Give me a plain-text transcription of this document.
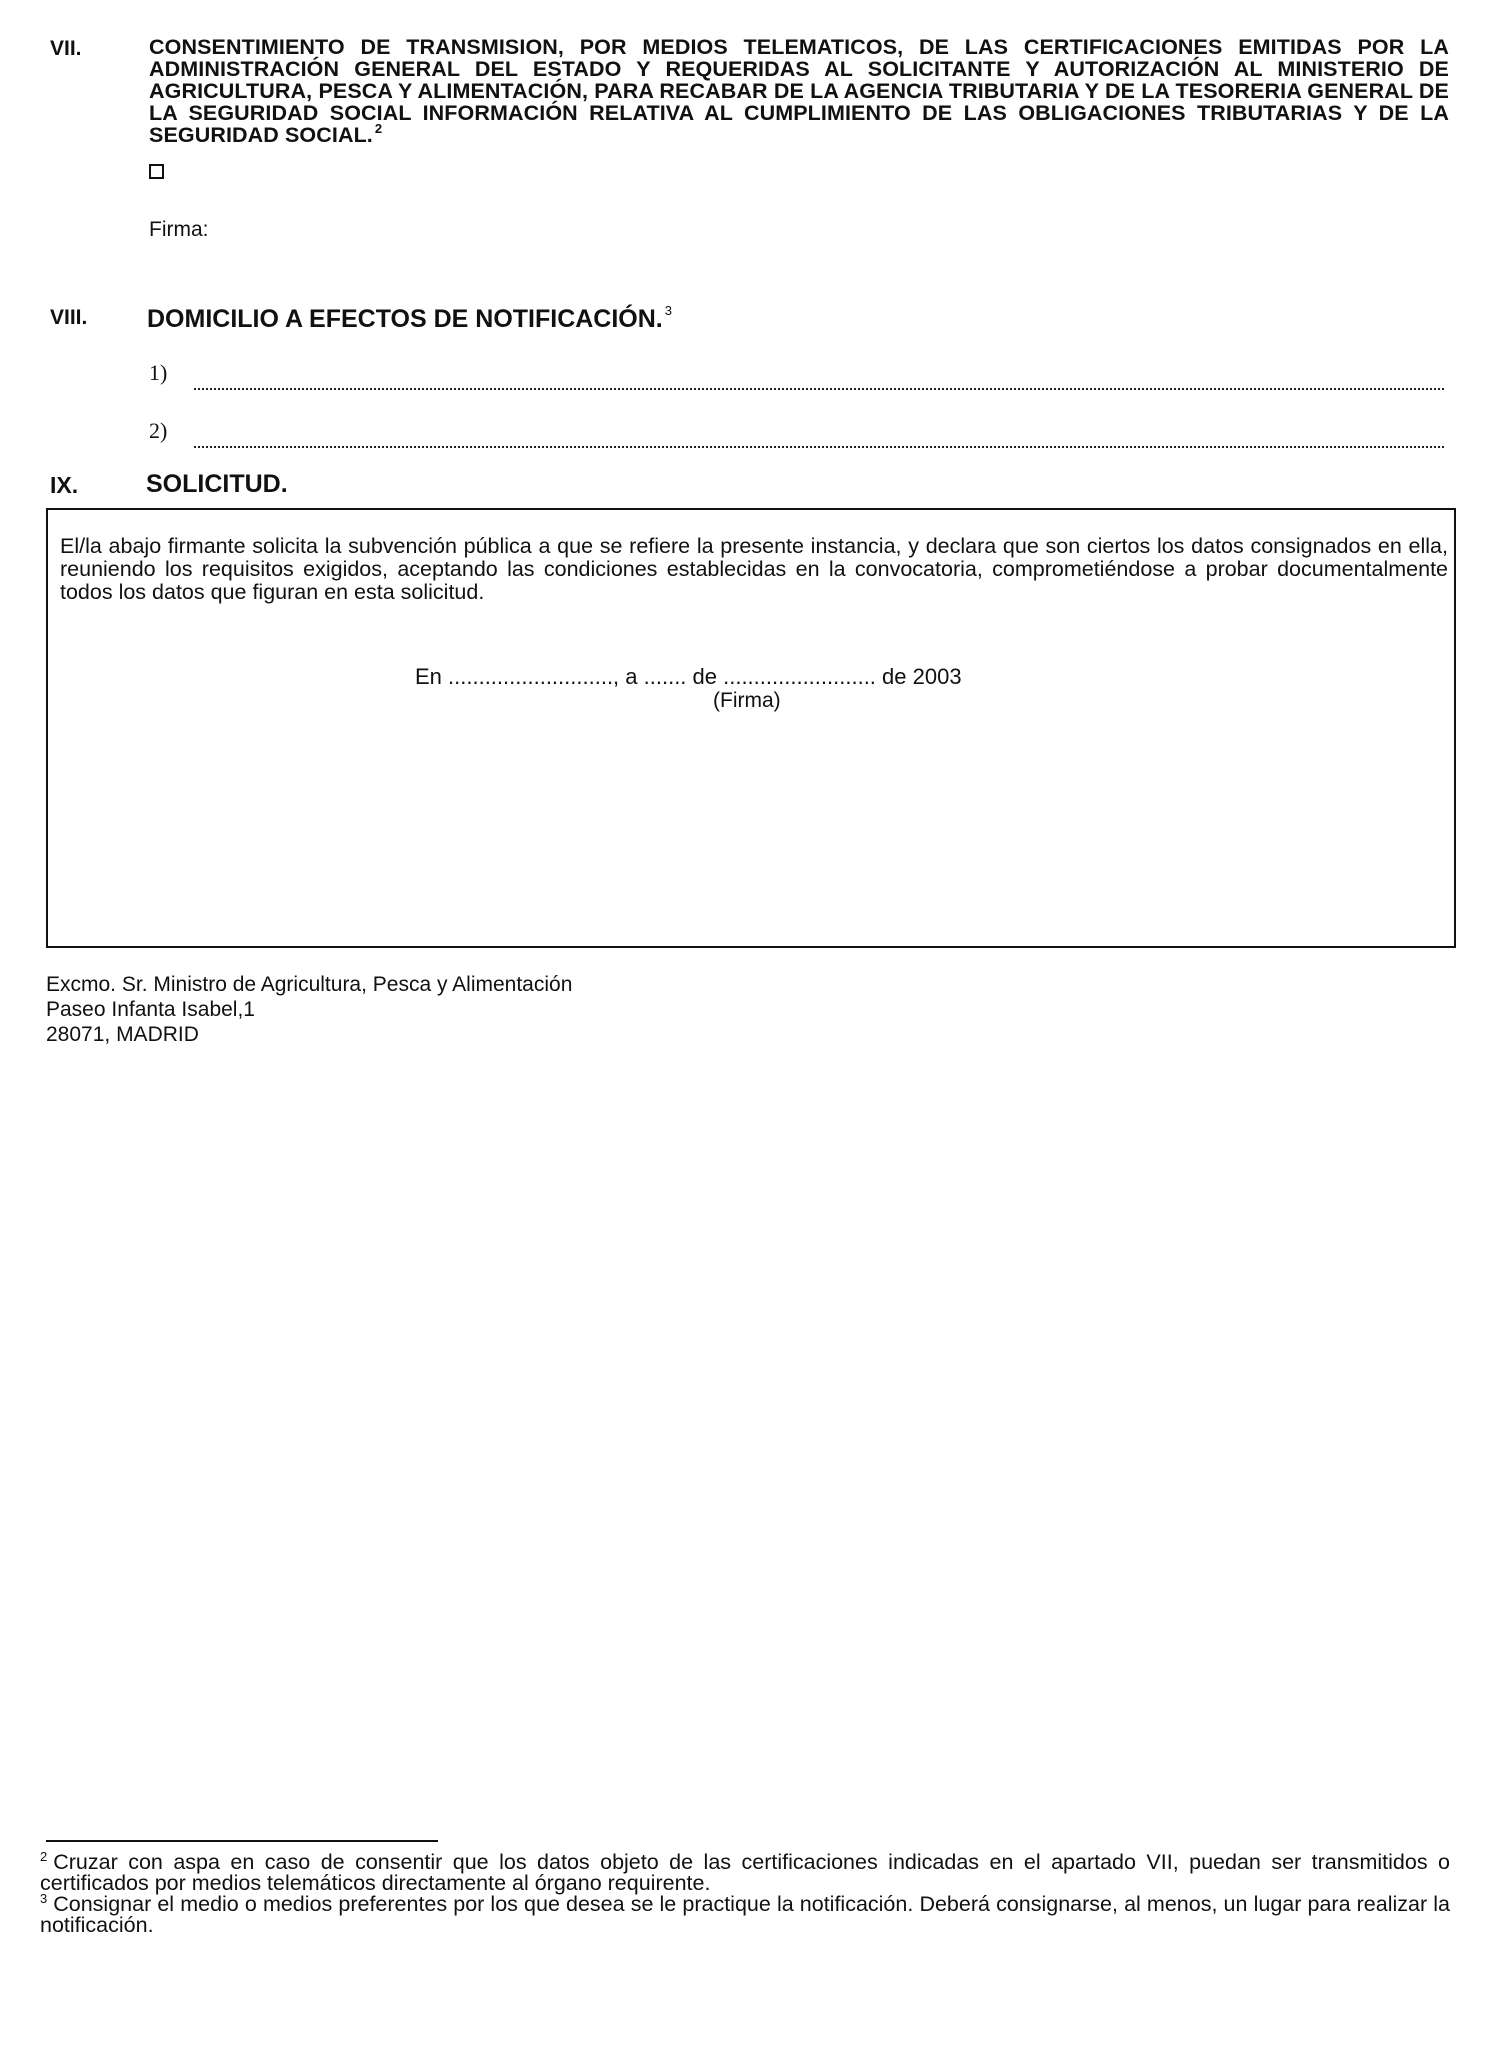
VII.	CONSENTIMIENTO DE TRANSMISION, POR MEDIOS TELEMATICOS, DE LAS CERTIFICACIONES EMITIDAS POR LA ADMINISTRACIÓN GENERAL DEL ESTADO Y REQUERIDAS AL SOLICITANTE Y AUTORIZACIÓN AL MINISTERIO DE AGRICULTURA, PESCA Y ALIMENTACIÓN, PARA RECABAR DE LA AGENCIA TRIBUTARIA Y DE LA TESORERIA GENERAL DE LA SEGURIDAD SOCIAL INFORMACIÓN RELATIVA AL CUMPLIMIENTO DE LAS OBLIGACIONES TRIBUTARIAS Y DE LA SEGURIDAD SOCIAL. $^2$
Firma:
VIII. DOMICILIO A EFECTOS DE NOTIFICACIÓN. $^3$
1)
2)
IX.	SOLICITUD.
El/la abajo firmante solicita la subvención pública a que se refiere la presente instancia, y declara que son ciertos los datos consignados en ella, reuniendo los requisitos exigidos, aceptando las condiciones establecidas en la convocatoria, comprometiéndose a probar documentalmente todos los datos que figuran en esta solicitud.
En ..........................., a ....... de ......................... de 2003
(Firma)
Excmo. Sr. Ministro de Agricultura, Pesca y Alimentación
Paseo Infanta Isabel,1
28071, MADRID

$^2$ Cruzar con aspa en caso de consentir que los datos objeto de las certificaciones indicadas en el apartado VII, puedan ser transmitidos o certificados por medios telemáticos directamente al órgano requirente.

$^3$ Consignar el medio o medios preferentes por los que desea se le practique la notificación. Deberá consignarse, al menos, un lugar para realizar la notificación.
